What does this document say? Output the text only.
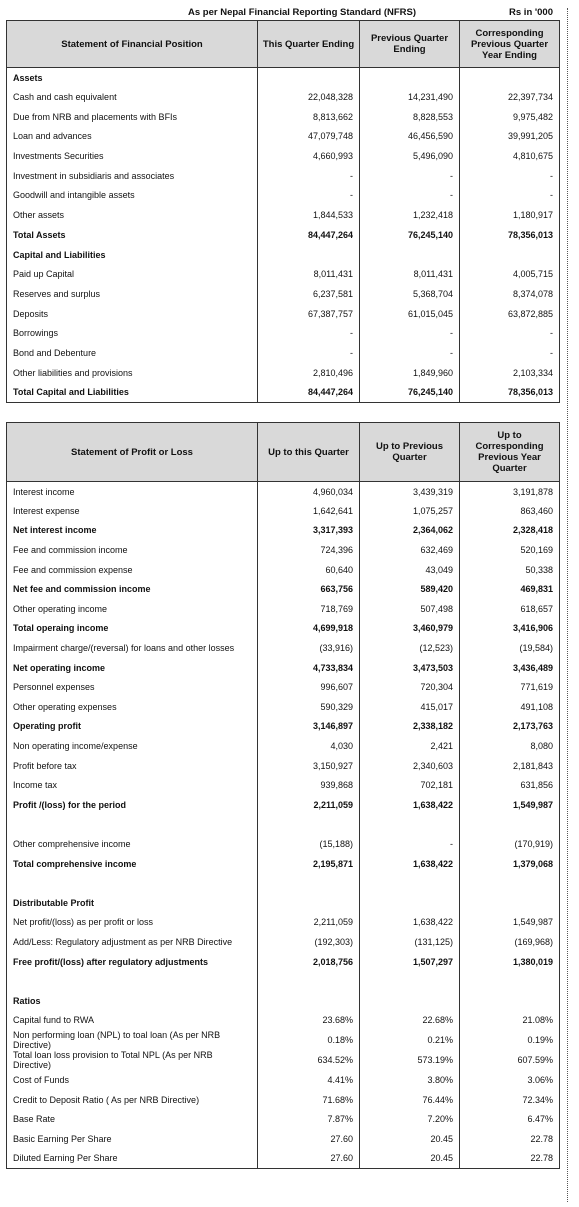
As per Nepal Financial Reporting Standard (NFRS)	Rs in '000
Statement of Financial Position	This Quarter Ending	Previous Quarter Ending	Corresponding Previous Quarter Year Ending
Assets			
Cash and cash equivalent	22,048,328	14,231,490	22,397,734
Due from NRB and placements with BFIs	8,813,662	8,828,553	9,975,482
Loan and advances	47,079,748	46,456,590	39,991,205
Investments Securities	4,660,993	5,496,090	4,810,675
Investment in subsidiaris and associates	-	-	-
Goodwill and intangible assets	-	-	-
Other assets	1,844,533	1,232,418	1,180,917
Total Assets	84,447,264	76,245,140	78,356,013
Capital and Liabilities			
Paid up Capital	8,011,431	8,011,431	4,005,715
Reserves and surplus	6,237,581	5,368,704	8,374,078
Deposits	67,387,757	61,015,045	63,872,885
Borrowings	-	-	-
Bond and Debenture	-	-	-
Other liabilities and provisions	2,810,496	1,849,960	2,103,334
Total Capital and Liabilities	84,447,264	76,245,140	78,356,013
Statement of Profit or Loss	Up to this Quarter	Up to Previous Quarter	Up to Corresponding Previous Year Quarter
Interest income	4,960,034	3,439,319	3,191,878
Interest expense	1,642,641	1,075,257	863,460
Net interest income	3,317,393	2,364,062	2,328,418
Fee and commission income	724,396	632,469	520,169
Fee and commission expense	60,640	43,049	50,338
Net fee and commission income	663,756	589,420	469,831
Other operating income	718,769	507,498	618,657
Total operaing income	4,699,918	3,460,979	3,416,906
Impairment charge/(reversal) for loans and other losses	(33,916)	(12,523)	(19,584)
Net operating income	4,733,834	3,473,503	3,436,489
Personnel expenses	996,607	720,304	771,619
Other operating expenses	590,329	415,017	491,108
Operating profit	3,146,897	2,338,182	2,173,763
Non operating income/expense	4,030	2,421	8,080
Profit before tax	3,150,927	2,340,603	2,181,843
Income tax	939,868	702,181	631,856
Profit /(loss) for the period	2,211,059	1,638,422	1,549,987

Other comprehensive income	(15,188)	-	(170,919)
Total comprehensive income	2,195,871	1,638,422	1,379,068

Distributable Profit			
Net profit/(loss) as per profit or loss	2,211,059	1,638,422	1,549,987
Add/Less: Regulatory adjustment as per NRB Directive	(192,303)	(131,125)	(169,968)
Free profit/(loss) after regulatory adjustments	2,018,756	1,507,297	1,380,019

Ratios			
Capital fund to RWA	23.68%	22.68%	21.08%
Non performing loan (NPL) to toal loan (As per NRB Directive)	0.18%	0.21%	0.19%
Total loan loss provision to Total NPL (As per NRB Directive)	634.52%	573.19%	607.59%
Cost of Funds	4.41%	3.80%	3.06%
Credit to Deposit Ratio ( As per NRB Directive)	71.68%	76.44%	72.34%
Base Rate	7.87%	7.20%	6.47%
Basic Earning Per Share	27.60	20.45	22.78
Diluted Earning Per Share	27.60	20.45	22.78
